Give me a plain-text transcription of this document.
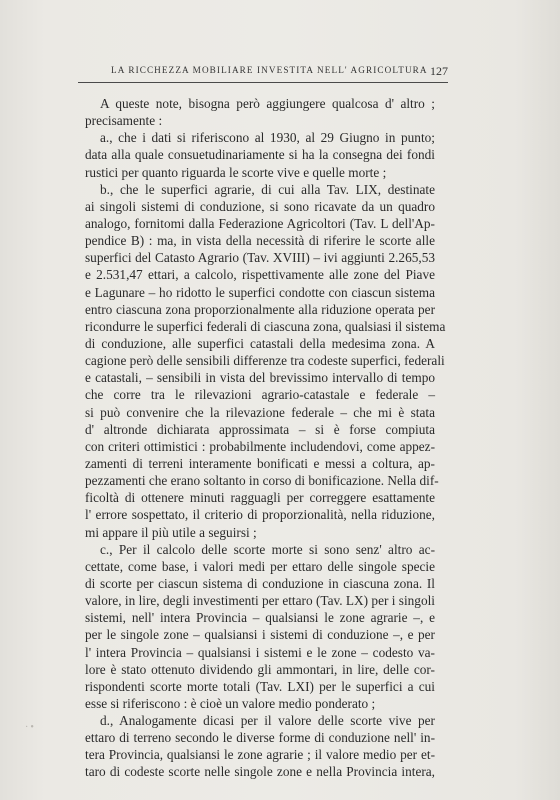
LA RICCHEZZA MOBILIARE INVESTITA NELL' AGRICOLTURA 127
A queste note, bisogna però aggiungere qualcosa d' altro ;
precisamente :
a., che i dati si riferiscono al 1930, al 29 Giugno in punto;
data alla quale consuetudinariamente si ha la consegna dei fondi
rustici per quanto riguarda le scorte vive e quelle morte ;
b., che le superfici agrarie, di cui alla Tav. LIX, destinate
ai singoli sistemi di conduzione, si sono ricavate da un quadro
analogo, fornitomi dalla Federazione Agricoltori (Tav. L dell'Ap-
pendice B) : ma, in vista della necessità di riferire le scorte alle
superfici del Catasto Agrario (Tav. XVIII) – ivi aggiunti 2.265,53
e 2.531,47 ettari, a calcolo, rispettivamente alle zone del Piave
e Lagunare – ho ridotto le superfici condotte con ciascun sistema
entro ciascuna zona proporzionalmente alla riduzione operata per
ricondurre le superfici federali di ciascuna zona, qualsiasi il sistema
di conduzione, alle superfici catastali della medesima zona. A
cagione però delle sensibili differenze tra codeste superfici, federali
e catastali, – sensibili in vista del brevissimo intervallo di tempo
che corre tra le rilevazioni agrario-catastale e federale –
si può convenire che la rilevazione federale – che mi è stata
d' altronde dichiarata approssimata – si è forse compiuta
con criteri ottimistici : probabilmente includendovi, come appez-
zamenti di terreni interamente bonificati e messi a coltura, ap-
pezzamenti che erano soltanto in corso di bonificazione. Nella dif-
ficoltà di ottenere minuti ragguagli per correggere esattamente
l' errore sospettato, il criterio di proporzionalità, nella riduzione,
mi appare il più utile a seguirsi ;
c., Per il calcolo delle scorte morte si sono senz' altro ac-
cettate, come base, i valori medi per ettaro delle singole specie
di scorte per ciascun sistema di conduzione in ciascuna zona. Il
valore, in lire, degli investimenti per ettaro (Tav. LX) per i singoli
sistemi, nell' intera Provincia – qualsiansi le zone agrarie –, e
per le singole zone – qualsiansi i sistemi di conduzione –, e per
l' intera Provincia – qualsiansi i sistemi e le zone – codesto va-
lore è stato ottenuto dividendo gli ammontari, in lire, delle cor-
rispondenti scorte morte totali (Tav. LXI) per le superfici a cui
esse si riferiscono : è cioè un valore medio ponderato ;
d., Analogamente dicasi per il valore delle scorte vive per
ettaro di terreno secondo le diverse forme di conduzione nell' in-
tera Provincia, qualsiansi le zone agrarie ; il valore medio per et-
taro di codeste scorte nelle singole zone e nella Provincia intera,
·•
